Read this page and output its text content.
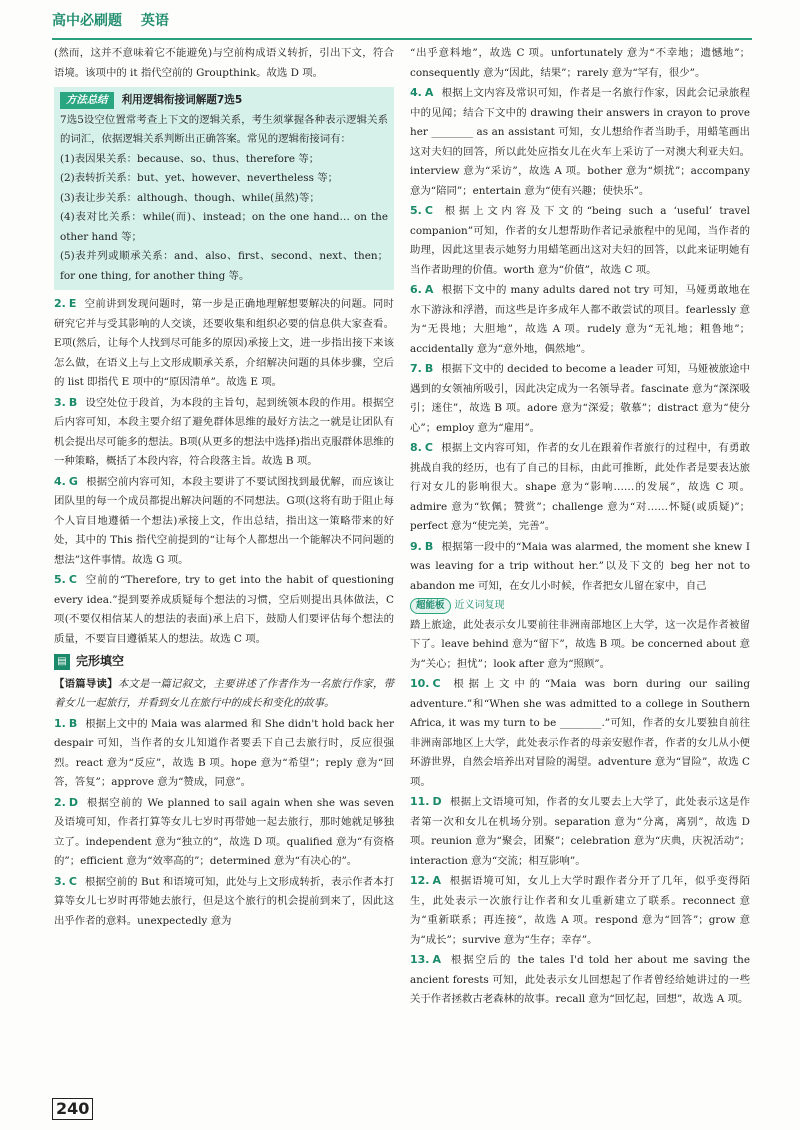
高中必刷题 英语

(然而，这并不意味着它不能避免)与空前构成语义转折，引出下文，符合语境。该项中的 it 指代空前的 Groupthink。故选 D 项。

方法总结	利用逻辑衔接词解题7选5

7选5设空位置常考查上下文的逻辑关系，考生须掌握各种表示逻辑关系的词汇，依据逻辑关系判断出正确答案。常见的逻辑衔接词有：

(1)表因果关系：because、so、thus、therefore 等；

(2)表转折关系：but、yet、however、nevertheless 等；

(3)表让步关系：although、though、while(虽然)等；

(4)表对比关系：while(而)、instead；on the one hand… on the other hand 等；

(5)表并列或顺承关系：and、also、first、second、next、then；for one thing, for another thing 等。

2. E 空前讲到发现问题时，第一步是正确地理解想要解决的问题。同时研究它并与受其影响的人交谈，还要收集和组织必要的信息供大家查看。E项(然后，让每个人找到尽可能多的原因)承接上文，进一步指出接下来该怎么做，在语义上与上文形成顺承关系，介绍解决问题的具体步骤，空后的 list 即指代 E 项中的“原因清单”。故选 E 项。

3. B 设空处位于段首，为本段的主旨句，起到统领本段的作用。根据空后内容可知，本段主要介绍了避免群体思维的最好方法之一就是让团队有机会提出尽可能多的想法。B项(从更多的想法中选择)指出克服群体思维的一种策略，概括了本段内容，符合段落主旨。故选 B 项。

4. G 根据空前内容可知，本段主要讲了不要试图找到最优解，而应该让团队里的每一个成员都提出解决问题的不同想法。G项(这将有助于阻止每个人盲目地遵循一个想法)承接上文，作出总结，指出这一策略带来的好处，其中的 This 指代空前提到的“让每个人都想出一个能解决不同问题的想法”这件事情。故选 G 项。

5. C 空前的“Therefore, try to get into the habit of questioning every idea.”提到要养成质疑每个想法的习惯，空后则提出具体做法，C项(不要仅相信某人的想法的表面)承上启下，鼓励人们要评估每个想法的质量，不要盲目遵循某人的想法。故选 C 项。

▤ 完形填空

【语篇导读】本文是一篇记叙文，主要讲述了作者作为一名旅行作家，带着女儿一起旅行，并看到女儿在旅行中的成长和变化的故事。

1. B 根据上文中的 Maia was alarmed 和 She didn't hold back her despair 可知，当作者的女儿知道作者要丢下自己去旅行时，反应很强烈。react 意为“反应”，故选 B 项。hope 意为“希望”；reply 意为“回答，答复”；approve 意为“赞成，同意”。

2. D 根据空前的 We planned to sail again when she was seven 及语境可知，作者打算等女儿七岁时再带她一起去旅行，那时她就足够独立了。independent 意为“独立的”，故选 D 项。qualified 意为“有资格的”；efficient 意为“效率高的”；determined 意为“有决心的”。

3. C 根据空前的 But 和语境可知，此处与上文形成转折，表示作者本打算等女儿七岁时再带她去旅行，但是这个旅行的机会提前到来了，因此这出乎作者的意料。unexpectedly 意为

“出乎意料地”，故选 C 项。unfortunately 意为“不幸地；遗憾地”；consequently 意为“因此，结果”；rarely 意为“罕有，很少”。

4. A 根据上文内容及常识可知，作者是一名旅行作家，因此会记录旅程中的见闻；结合下文中的 drawing their answers in crayon to prove her ________ as an assistant 可知，女儿想给作者当助手，用蜡笔画出这对夫妇的回答，所以此处应指女儿在火车上采访了一对澳大利亚夫妇。interview 意为“采访”，故选 A 项。bother 意为“烦扰”；accompany 意为“陪同”；entertain 意为“使有兴趣；使快乐”。

5. C 根据上文内容及下文的“being such a ‘useful’ travel companion”可知，作者的女儿想帮助作者记录旅程中的见闻，当作者的助理，因此这里表示她努力用蜡笔画出这对夫妇的回答，以此来证明她有当作者助理的价值。worth 意为“价值”，故选 C 项。

6. A 根据下文中的 many adults dared not try 可知，马娅勇敢地在水下游泳和浮潜，而这些是许多成年人都不敢尝试的项目。fearlessly 意为“无畏地；大胆地”，故选 A 项。rudely 意为“无礼地；粗鲁地”；accidentally 意为“意外地，偶然地”。

7. B 根据下文中的 decided to become a leader 可知，马娅被旅途中遇到的女领袖所吸引，因此决定成为一名领导者。fascinate 意为“深深吸引；迷住”，故选 B 项。adore 意为“深爱；敬慕”；distract 意为“使分心”；employ 意为“雇用”。

8. C 根据上文内容可知，作者的女儿在跟着作者旅行的过程中，有勇敢挑战自我的经历，也有了自己的目标，由此可推断，此处作者是要表达旅行对女儿的影响很大。shape 意为“影响……的发展”，故选 C 项。admire 意为“钦佩；赞赏”；challenge 意为“对……怀疑(或质疑)”；perfect 意为“使完美，完善”。

9. B 根据第一段中的“Maia was alarmed, the moment she knew I was leaving for a trip without her.”以及下文的 beg her not to abandon me 可知，在女儿小时候，作者把女儿留在家中，自己

超能板	近义词复现

踏上旅途，此处表示女儿要前往非洲南部地区上大学，这一次是作者被留下了。leave behind 意为“留下”，故选 B 项。be concerned about 意为“关心；担忧”；look after 意为“照顾”。

10. C 根据上文中的“Maia was born during our sailing adventure.”和“When she was admitted to a college in Southern Africa, it was my turn to be ________.”可知，作者的女儿要独自前往非洲南部地区上大学，此处表示作者的母亲安慰作者，作者的女儿从小便环游世界，自然会培养出对冒险的渴望。adventure 意为“冒险”，故选 C 项。

11. D 根据上文语境可知，作者的女儿要去上大学了，此处表示这是作者第一次和女儿在机场分别。separation 意为“分离，离别”，故选 D 项。reunion 意为“聚会，团聚”；celebration 意为“庆典，庆祝活动”；interaction 意为“交流；相互影响”。

12. A 根据语境可知，女儿上大学时跟作者分开了几年，似乎变得陌生，此处表示一次旅行让作者和女儿重新建立了联系。reconnect 意为“重新联系；再连接”，故选 A 项。respond 意为“回答”；grow 意为“成长”；survive 意为“生存；幸存”。

13. A 根据空后的 the tales I'd told her about me saving the ancient forests 可知，此处表示女儿回想起了作者曾经给她讲过的一些关于作者拯救古老森林的故事。recall 意为“回忆起，回想”，故选 A 项。

240
